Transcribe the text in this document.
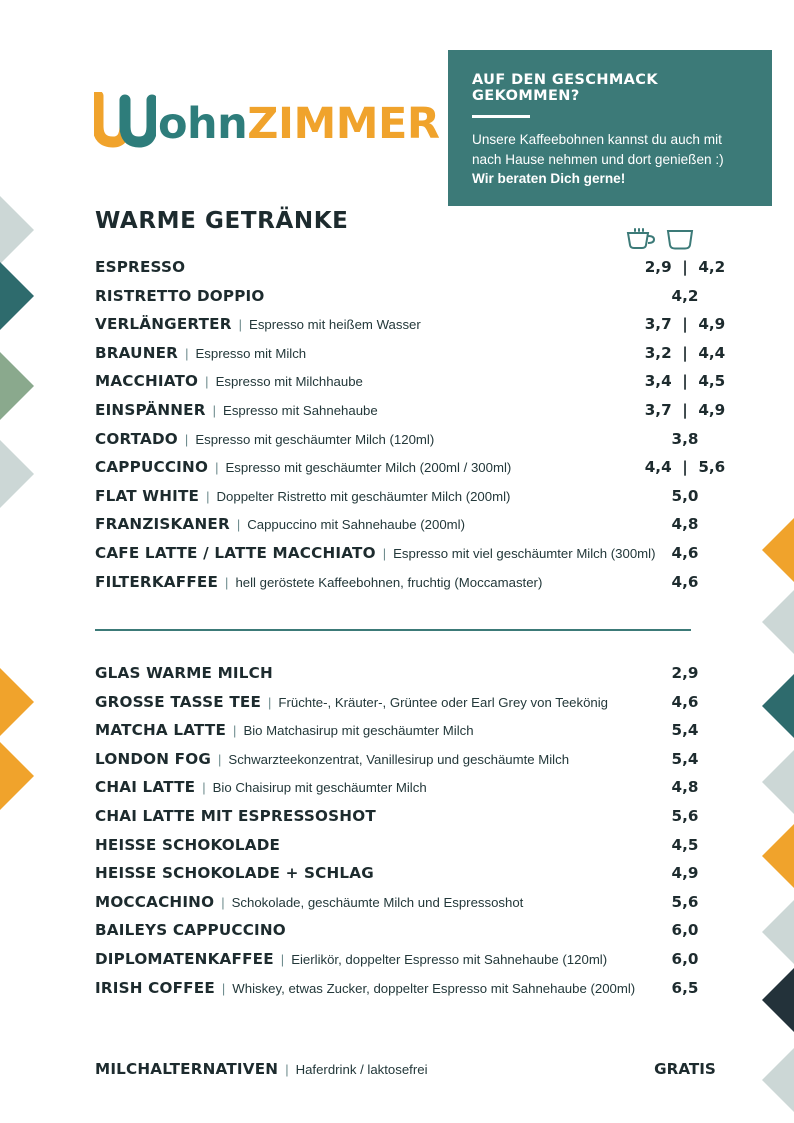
ohnZIMMER
AUF DEN GESCHMACK GEKOMMEN?
Unsere Kaffeebohnen kannst du auch mit
nach Hause nehmen und dort genießen :)
Wir beraten Dich gerne!
WARME GETRÄNKE
ESPRESSO	2,9  |  4,2
RISTRETTO DOPPIO	4,2
VERLÄNGERTER | Espresso mit heißem Wasser	3,7  |  4,9
BRAUNER | Espresso mit Milch	3,2  |  4,4
MACCHIATO | Espresso mit Milchhaube	3,4  |  4,5
EINSPÄNNER | Espresso mit Sahnehaube	3,7  |  4,9
CORTADO | Espresso mit geschäumter Milch (120ml)	3,8
CAPPUCCINO | Espresso mit geschäumter Milch (200ml / 300ml)	4,4  |  5,6
FLAT WHITE | Doppelter Ristretto mit geschäumter Milch (200ml)	5,0
FRANZISKANER | Cappuccino mit Sahnehaube (200ml)	4,8
CAFE LATTE / LATTE MACCHIATO | Espresso mit viel geschäumter Milch (300ml)	4,6
FILTERKAFFEE | hell geröstete Kaffeebohnen, fruchtig (Moccamaster)	4,6
GLAS WARME MILCH	2,9
GROSSE TASSE TEE | Früchte-, Kräuter-, Grüntee oder Earl Grey von Teekönig	4,6
MATCHA LATTE | Bio Matchasirup mit geschäumter Milch	5,4
LONDON FOG | Schwarzteekonzentrat, Vanillesirup und geschäumte Milch	5,4
CHAI LATTE | Bio Chaisirup mit geschäumter Milch	4,8
CHAI LATTE MIT ESPRESSOSHOT	5,6
HEISSE SCHOKOLADE	4,5
HEISSE SCHOKOLADE + SCHLAG	4,9
MOCCACHINO | Schokolade, geschäumte Milch und Espressoshot	5,6
BAILEYS CAPPUCCINO	6,0
DIPLOMATENKAFFEE | Eierlikör, doppelter Espresso mit Sahnehaube (120ml)	6,0
IRISH COFFEE | Whiskey, etwas Zucker, doppelter Espresso mit Sahnehaube (200ml)	6,5
MILCHALTERNATIVEN | Haferdrink / laktosefrei	GRATIS
